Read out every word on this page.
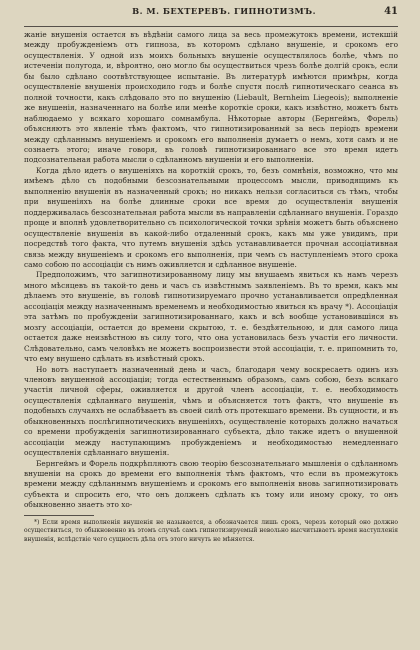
В. М. БЕХТЕРЕВЪ. ГИПНОТИЗМЪ.	41

жаніе внушенія остается въ вѣдѣніи самого лица за весь промежутокъ времени, истекшій между пробужденіемъ отъ гипноза, въ которомъ сдѣлано внушеніе, и срокомъ его осуществленія. У одной изъ моихъ больныхъ внушеніе осуществлялось болѣе, чѣмъ по истеченіи полугода, и, вѣроятно, оно могло бы осуществиться чрезъ болѣе долгій срокъ, если бы было сдѣлано соотвѣтствующее испытаніе. Въ литературѣ имѣются примѣры, когда осуществленіе внушенія происходило годъ и болѣе спустя послѣ гипнотическаго сеанса въ полной точности, какъ слѣдовало это по внушенію (Liebault, Bernheim Liegeois); выполненіе же внушенія, назначеннаго на болѣе или менѣе короткіе сроки, какъ извѣстно, можетъ быть наблюдаемо у всякаго хорошаго сомнамбула. Нѣкоторые авторы (Бернгеймъ, Форель) объясняютъ это явленіе тѣмъ фактомъ, что гипнотизированный за весь періодъ времени между сдѣланнымъ внушеніемъ и срокомъ его выполненія думаетъ о немъ, хотя самъ и не сознаетъ этого; иначе говоря, въ головѣ гипнотизированнаго все это время идетъ подсознательная работа мысли о сдѣланномъ внушеніи и его выполненіи.

Когда дѣло идетъ о внушеніяхъ на короткій срокъ, то, безъ сомнѣнія, возможно, что мы имѣемъ дѣло съ подобными безсознательными процессомъ мысли, приводящимъ къ выполненію внушенія въ назначенный срокъ; но никакъ нельзя согласиться съ тѣмъ, чтобы при внушеніяхъ на болѣе длинные сроки все время до осуществленія внушенія поддерживалась безсознательная работа мысли въ направленіи сдѣланнаго внушенія. Гораздо проще и вполнѣ удовлетворительно съ психологической точки зрѣнія можетъ быть объяснено осуществленіе внушенія въ какой-либо отдаленный срокъ, какъ мы уже увидимъ, при посредствѣ того факта, что путемъ внушенія здѣсь устанавливается прочная ассоціативная связь между внушеніемъ и срокомъ его выполненія, при чемъ съ наступленіемъ этого срока само собою по ассоціаціи съ нимъ оживляется и сдѣланное внушеніе.

Предположимъ, что загипнотизированному лицу мы внушаемъ явиться къ намъ черезъ много мѣсяцевъ въ такой-то день и часъ съ извѣстнымъ заявленіемъ. Въ то время, какъ мы дѣлаемъ это внушеніе, въ головѣ гипнотизируемаго прочно устанавливается опредѣленная ассоціація между назначеннымъ временемъ и необходимостью явиться къ врачу *). Ассоціація эта затѣмъ по пробужденіи загипнотизированнаго, какъ и всѣ вообще установившіяся въ мозгу ассоціаціи, остается до времени скрытою, т. е. бездѣятельною, и для самого лица остается даже неизвѣстною въ силу того, что она установилась безъ участія его личности. Слѣдовательно, самъ человѣкъ не можетъ воспроизвести этой ассоціаціи, т. е. припомнить то, что ему внушено сдѣлать въ извѣстный срокъ.

Но вотъ наступаетъ назначенный день и часъ, благодаря чему воскресаетъ одинъ изъ членовъ внушенной ассоціаціи; тогда естественнымъ образомъ, самъ собою, безъ всякаго участія личной сферы, оживляется и другой членъ ассоціаціи, т. е. необходимость осуществленія сдѣланнаго внушенія, чѣмъ и объясняется тотъ фактъ, что внушеніе въ подобныхъ случаяхъ не ослабѣваетъ въ своей силѣ отъ протекшаго времени. Въ сущности, и въ обыкновенныхъ послѣгипнотическихъ внушеніяхъ, осуществленіе которыхъ должно начаться со времени пробужденія загипнотизированнаго субъекта, дѣло также идетъ о внушенной ассоціаціи между наступающимъ пробужденіемъ и необходимостью немедленнаго осуществленія сдѣланнаго внушенія.

Бернгеймъ и Форель подкрѣпляютъ свою теорію безсознательнаго мышленія о сдѣланномъ внушеніи на срокъ до времени его выполненія тѣмъ фактомъ, что если въ промежутокъ времени между сдѣланнымъ внушеніемъ и срокомъ его выполненія вновь загипнотизировать субъекта и спросить его, что онъ долженъ сдѣлать къ тому или иному сроку, то онъ обыкновенно знаетъ это хо-

*) Если время выполненія внушенія не называется, а обозначается лишь срокъ, черезъ который оно должно осуществиться, то обыкновенно въ этомъ случаѣ самъ гипнотизируемый невольно высчитываетъ время наступленія внушенія, вслѣдствіе чего сущность дѣла отъ этого ничуть не мѣняется.
